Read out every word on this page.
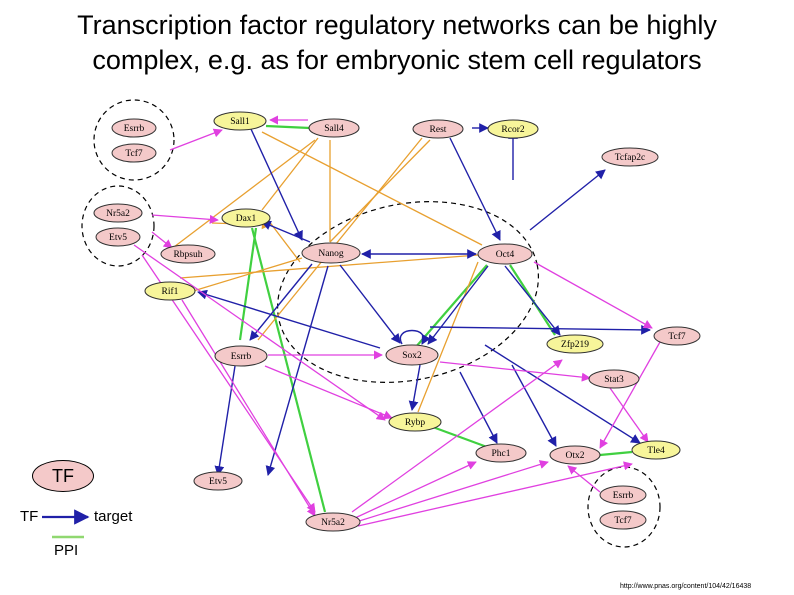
Transcription factor regulatory networks can be highly
complex, e.g. as for embryonic stem cell regulators
Esrrb
Tcf7
Sall1
Sall4	Rest	Rcor2
Tcfap2c
Nr5a2
Etv5
Dax1
Rbpsuh	Nanog	Oct4
Rif1
Esrrb	Sox2
Zfp219
Tcf7
Stat3
Rybp
Phc1	Otx2	Tle4
Etv5
Nr5a2
Esrrb
Tcf7
TF
TF	target
PPI
http://www.pnas.org/content/104/42/16438
